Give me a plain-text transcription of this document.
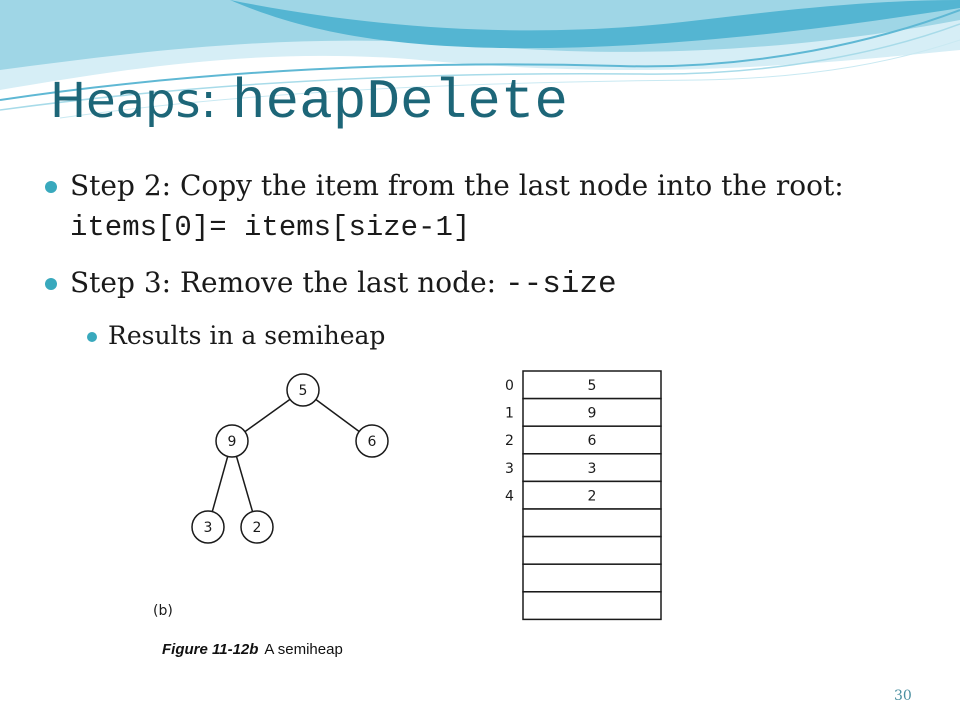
Heaps: heapDelete
Step 2: Copy the item from the last node into the root: items[0]= items[size-1]
Step 3: Remove the last node: --size
Results in a semiheap
5
9	6
3	2
5
0
9
1
6
2
3
3
2
4
(b)
Figure 11-12b A semiheap
30
